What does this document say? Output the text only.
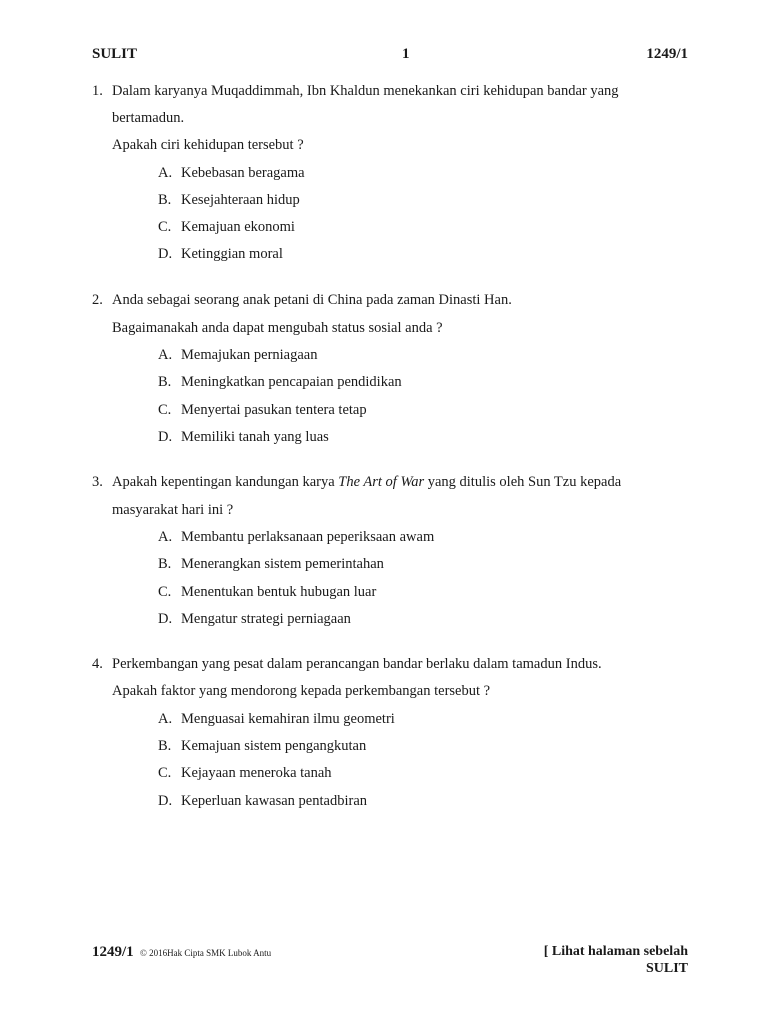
SULIT	1	1249/1
1. Dalam karyanya Muqaddimmah, Ibn Khaldun menekankan ciri kehidupan bandar yang
bertamadun.
Apakah ciri kehidupan tersebut ?
A. Kebebasan beragama
B. Kesejahteraan hidup
C. Kemajuan ekonomi
D. Ketinggian moral
2. Anda sebagai seorang anak petani di China pada zaman Dinasti Han.
Bagaimanakah anda dapat mengubah status sosial anda ?
A. Memajukan perniagaan
B. Meningkatkan pencapaian pendidikan
C. Menyertai pasukan tentera tetap
D. Memiliki tanah yang luas
3. Apakah kepentingan kandungan karya The Art of War yang ditulis oleh Sun Tzu kepada
masyarakat hari ini ?
A. Membantu perlaksanaan peperiksaan awam
B. Menerangkan sistem pemerintahan
C. Menentukan bentuk hubugan luar
D. Mengatur strategi perniagaan
4. Perkembangan yang pesat dalam perancangan bandar berlaku dalam tamadun Indus.
Apakah faktor yang mendorong kepada perkembangan tersebut ?
A. Menguasai kemahiran ilmu geometri
B. Kemajuan sistem pengangkutan
C. Kejayaan meneroka tanah
D. Keperluan kawasan pentadbiran
1249/1 © 2016Hak Cipta SMK Lubok Antu	[ Lihat halaman sebelah
SULIT
